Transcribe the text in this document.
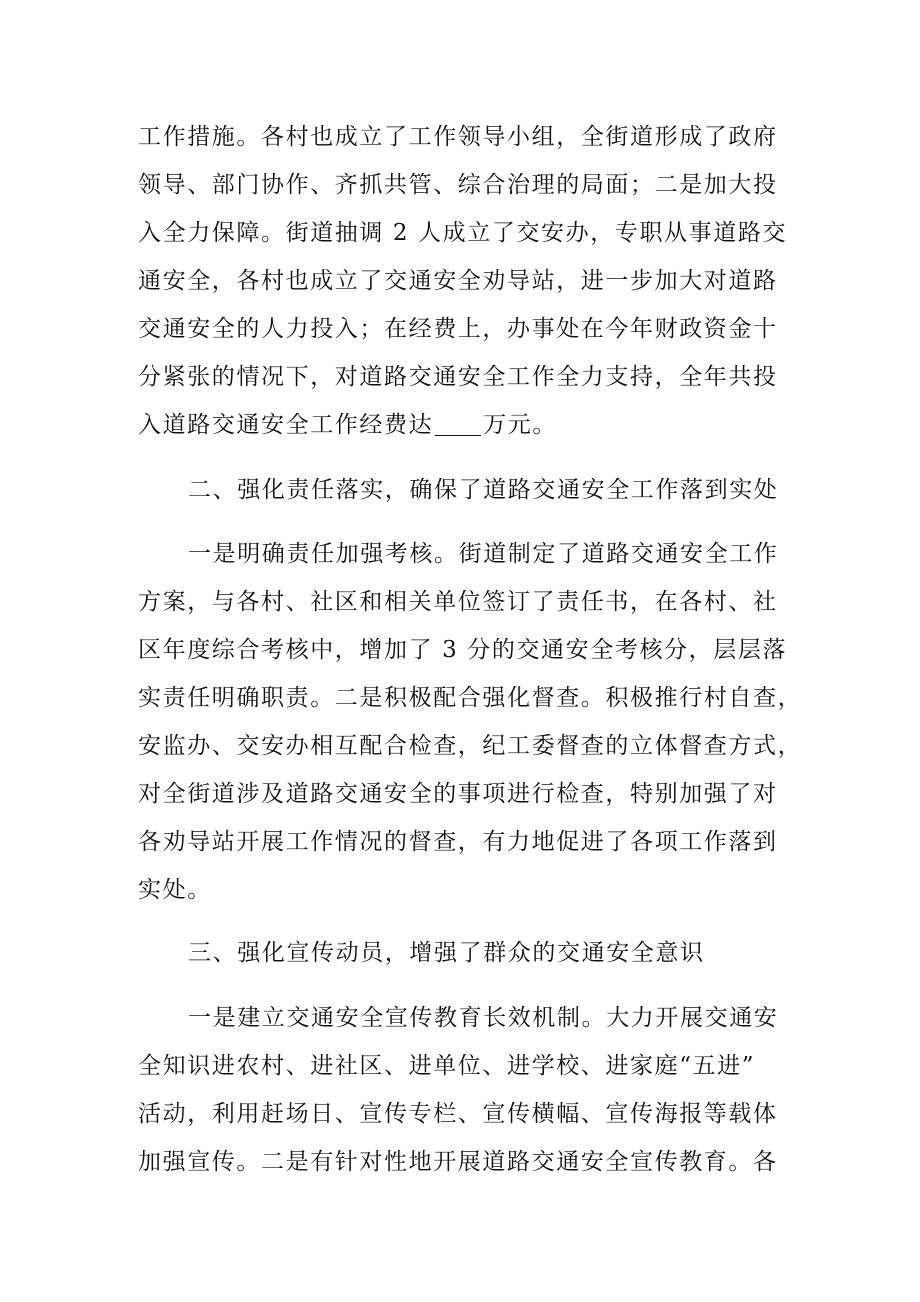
工作措施。各村也成立了工作领导小组，全街道形成了政府
领导、部门协作、齐抓共管、综合治理的局面；二是加大投
入全力保障。街道抽调 2 人成立了交安办，专职从事道路交
通安全，各村也成立了交通安全劝导站，进一步加大对道路
交通安全的人力投入；在经费上，办事处在今年财政资金十
分紧张的情况下，对道路交通安全工作全力支持，全年共投
入道路交通安全工作经费达 万元。
二、强化责任落实，确保了道路交通安全工作落到实处
一是明确责任加强考核。街道制定了道路交通安全工作
方案，与各村、社区和相关单位签订了责任书，在各村、社
区年度综合考核中，增加了 3 分的交通安全考核分，层层落
实责任明确职责。二是积极配合强化督查。积极推行村自查，
安监办、交安办相互配合检查，纪工委督查的立体督查方式，
对全街道涉及道路交通安全的事项进行检查，特别加强了对
各劝导站开展工作情况的督查，有力地促进了各项工作落到
实处。
三、强化宣传动员，增强了群众的交通安全意识
一是建立交通安全宣传教育长效机制。大力开展交通安
全知识进农村、进社区、进单位、进学校、进家庭“五进”
活动，利用赶场日、宣传专栏、宣传横幅、宣传海报等载体
加强宣传。二是有针对性地开展道路交通安全宣传教育。各
